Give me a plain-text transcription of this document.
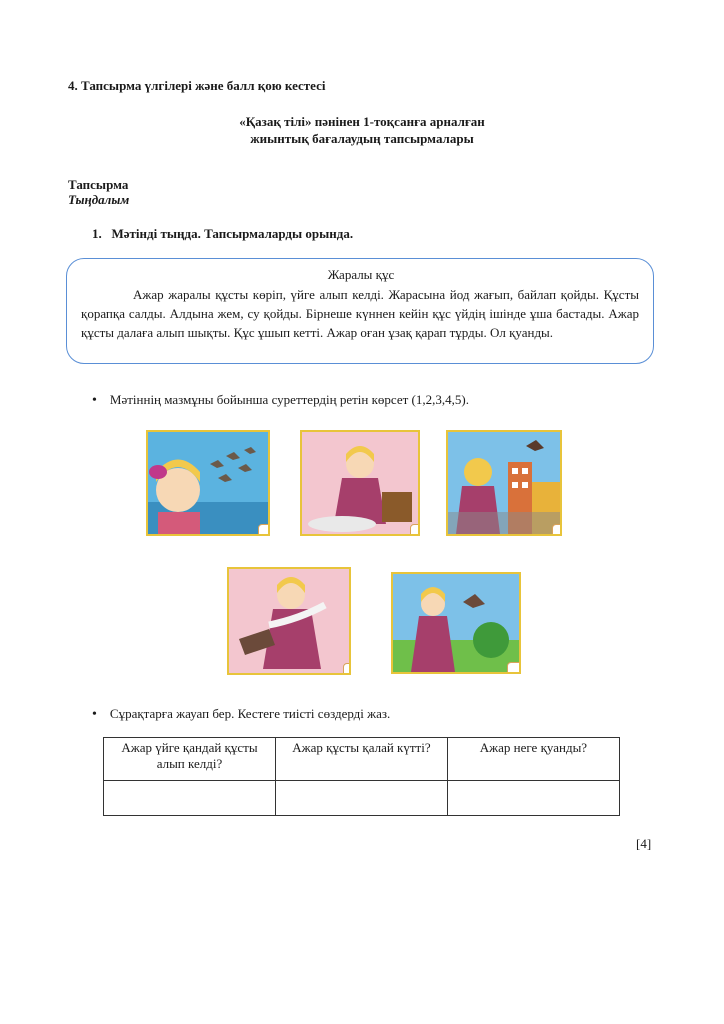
4. Тапсырма үлгілері және балл қою кестесі
«Қазақ тілі» пәнінен 1-тоқсанға арналған
жиынтық бағалаудың тапсырмалары
Тапсырма
Тыңдалым
1. Мәтінді тыңда. Тапсырмаларды орында.
Жаралы құс
Ажар жаралы құсты көріп, үйге алып келді. Жарасына йод жағып, байлап қойды. Құсты қорапқа салды. Алдына жем, су қойды. Бірнеше күннен кейін құс үйдің ішінде ұша бастады. Ажар құсты далаға алып шықты. Құс ұшып кетті. Ажар оған ұзақ қарап тұрды. Ол қуанды.
• Мәтіннің мазмұны бойынша суреттердің ретін көрсет (1,2,3,4,5).
• Сұрақтарға жауап бер. Кестеге тиісті сөздерді жаз.
Ажар үйге қандай құсты алып келді?	Ажар құсты қалай күтті?	Ажар неге қуанды?

[4]
